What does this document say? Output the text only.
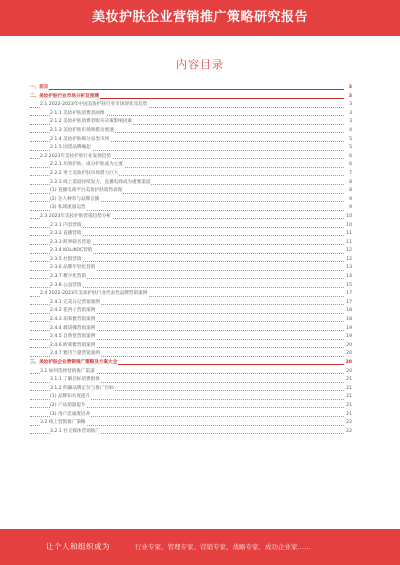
美妆护肤企业营销推广策略研究报告
内容目录
一、前言	3
二、美妆护肤行业市场分析及预测	3
2.1 2022-2023年中国美妆护肤行业市场现状及趋势	3
2.1.1 美妆护肤消费者画像	3
2.1.2 美妆护肤消费者购买决策影响因素	3
2.1.3 美妆护肤市场规模及增速	4
2.1.4 美妆护肤细分品类市场	5
2.1.5 国货品牌崛起	5
2.2 2023年美妆护肤行业发展趋势	6
2.2.1 功效护肤、成分护肤成为主流	6
2.2.2 男士美妆护肤市场潜力巨大	7
2.2.3 线上渠道持续发力，直播电商成为重要渠道	8
(1) 直播电商平台美妆护肤销售表现	8
(2) 达人种草与品牌自播	9
(3) 私域流量运营	9
2.3 2023年美妆护肤营销趋势分析	10
2.3.1 内容营销	10
2.3.2 直播营销	11
2.3.3 跨界联名营销	11
2.3.4 KOL/KOC营销	12
2.3.5 社群营销	12
2.3.6 品牌年轻化营销	13
2.3.7 数字化营销	14
2.3.8 公益营销	15
2.4 2022-2023年美妆护肤行业代表性品牌营销案例	17
2.4.1 完美日记营销案例	17
2.4.2 花西子营销案例	18
2.4.3 珀莱雅营销案例	18
2.4.4 薇诺娜营销案例	19
2.4.5 自然堂营销案例	19
2.4.6 欧莱雅营销案例	20
2.4.7 雅诗兰黛营销案例	20
三、美妆护肤企业营销推广策略及方案大全	20
3.1 如何选择营销推广渠道	20
3.1.1 了解目标消费群体	21
3.1.2 明确品牌定位与推广目标	21
(1) 品牌知名度提升	21
(2) 产品销量提升	21
(3) 用户忠诚度培养	21
3.2 线上营销推广策略	22
3.2.1 社交媒体营销推广	22
让个人和组织成为	行业专家、管理专家、营销专家、战略专家、成功企业家……
